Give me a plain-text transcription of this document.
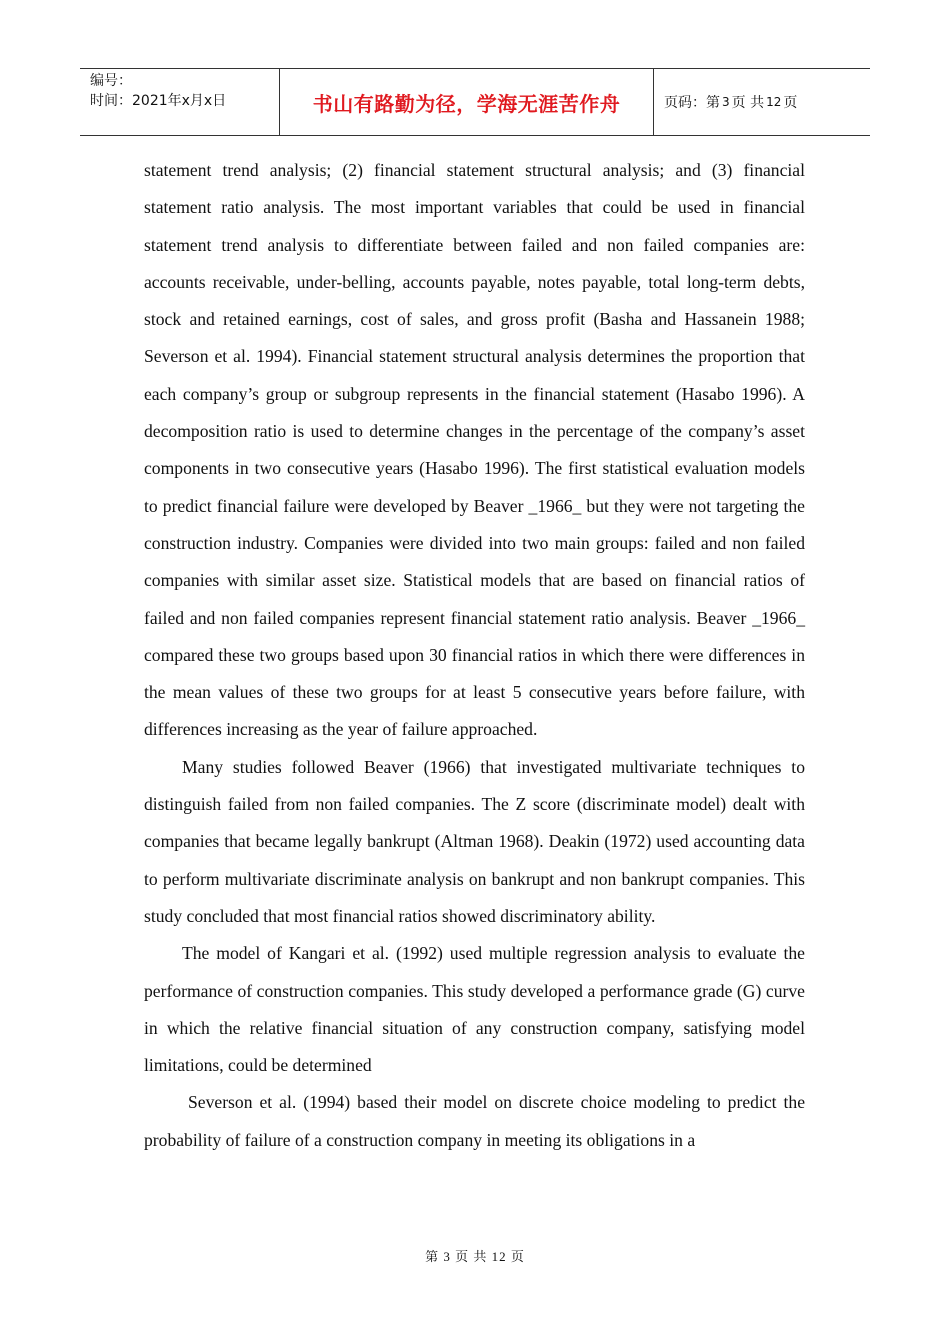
编号：
时间：2021年x月x日	书山有路勤为径，学海无涯苦作舟	页码：第 3 页 共 12 页

statement trend analysis; (2) financial statement structural analysis; and (3) financial statement ratio analysis. The most important variables that could be used in financial statement trend analysis to differentiate between failed and non failed companies are: accounts receivable, under-belling, accounts payable, notes payable, total long-term debts, stock and retained earnings, cost of sales, and gross profit (Basha and Hassanein 1988; Severson et al. 1994). Financial statement structural analysis determines the proportion that each company’s group or subgroup represents in the financial statement (Hasabo 1996). A decomposition ratio is used to determine changes in the percentage of the company’s asset components in two consecutive years (Hasabo 1996). The first statistical evaluation models to predict financial failure were developed by Beaver _1966_ but they were not targeting the construction industry. Companies were divided into two main groups: failed and non failed companies with similar asset size. Statistical models that are based on financial ratios of failed and non failed companies represent financial statement ratio analysis. Beaver _1966_ compared these two groups based upon 30 financial ratios in which there were differences in the mean values of these two groups for at least 5 consecutive years before failure, with differences increasing as the year of failure approached.

Many studies followed Beaver (1966) that investigated multivariate techniques to distinguish failed from non failed companies. The Z score (discriminate model) dealt with companies that became legally bankrupt (Altman 1968). Deakin (1972) used accounting data to perform multivariate discriminate analysis on bankrupt and non bankrupt companies. This study concluded that most financial ratios showed discriminatory ability.

The model of Kangari et al. (1992) used multiple regression analysis to evaluate the performance of construction companies. This study developed a performance grade (G) curve in which the relative financial situation of any construction company, satisfying model limitations, could be determined

Severson et al. (1994) based their model on discrete choice modeling to predict the probability of failure of a construction company in meeting its obligations in a

第 3 页 共 12 页
